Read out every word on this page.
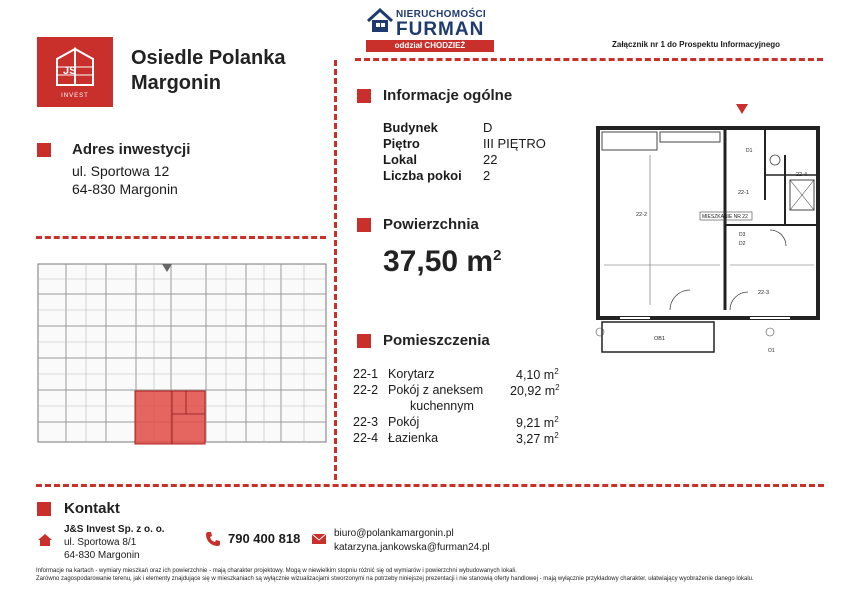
NIERUCHOMOŚCI
FURMAN
oddział CHODZIEŻ	Załącznik nr 1 do Prospektu Informacyjnego
JS
INVEST
Osiedle Polanka
Margonin
Adres inwestycji
ul. Sportowa 12
64-830 Margonin
Informacje ogólne
Budynek	D
Piętro	III PIĘTRO
Lokal	22
Liczba pokoi 2
Powierzchnia
37,50 $m^2$
Pomieszczenia
22-1 Korytarz	4,10 $m^2$
22-2 Pokój z aneksem 20,92 $m^2$
kuchennym
22-3 Pokój	9,21 $m^2$
22-4 Łazienka	3,27 $m^2$
MIESZKANIE NR 22
22-1
22-2
22-3
22-4
OB1
D1
D2
D3
O1
Kontakt
J&S Invest Sp. z o. o.
ul. Sportowa 8/1
64-830 Margonin
790 400 818	biuro@polankamargonin.pl
katarzyna.jankowska@furman24.pl
Informacje na kartach - wymiary mieszkań oraz ich powierzchnie - mają charakter projektowy. Mogą w niewielkim stopniu różnić się od wymiarów i powierzchni wybudowanych lokali.
Zarówno zagospodarowanie terenu, jak i elementy znajdujące się w mieszkaniach są wyłącznie wizualizacjami stworzonymi na potrzeby niniejszej prezentacji i nie stanowią oferty handlowej - mają wyłącznie przykładowy charakter, ułatwiający wyobrażenie danego lokalu.
